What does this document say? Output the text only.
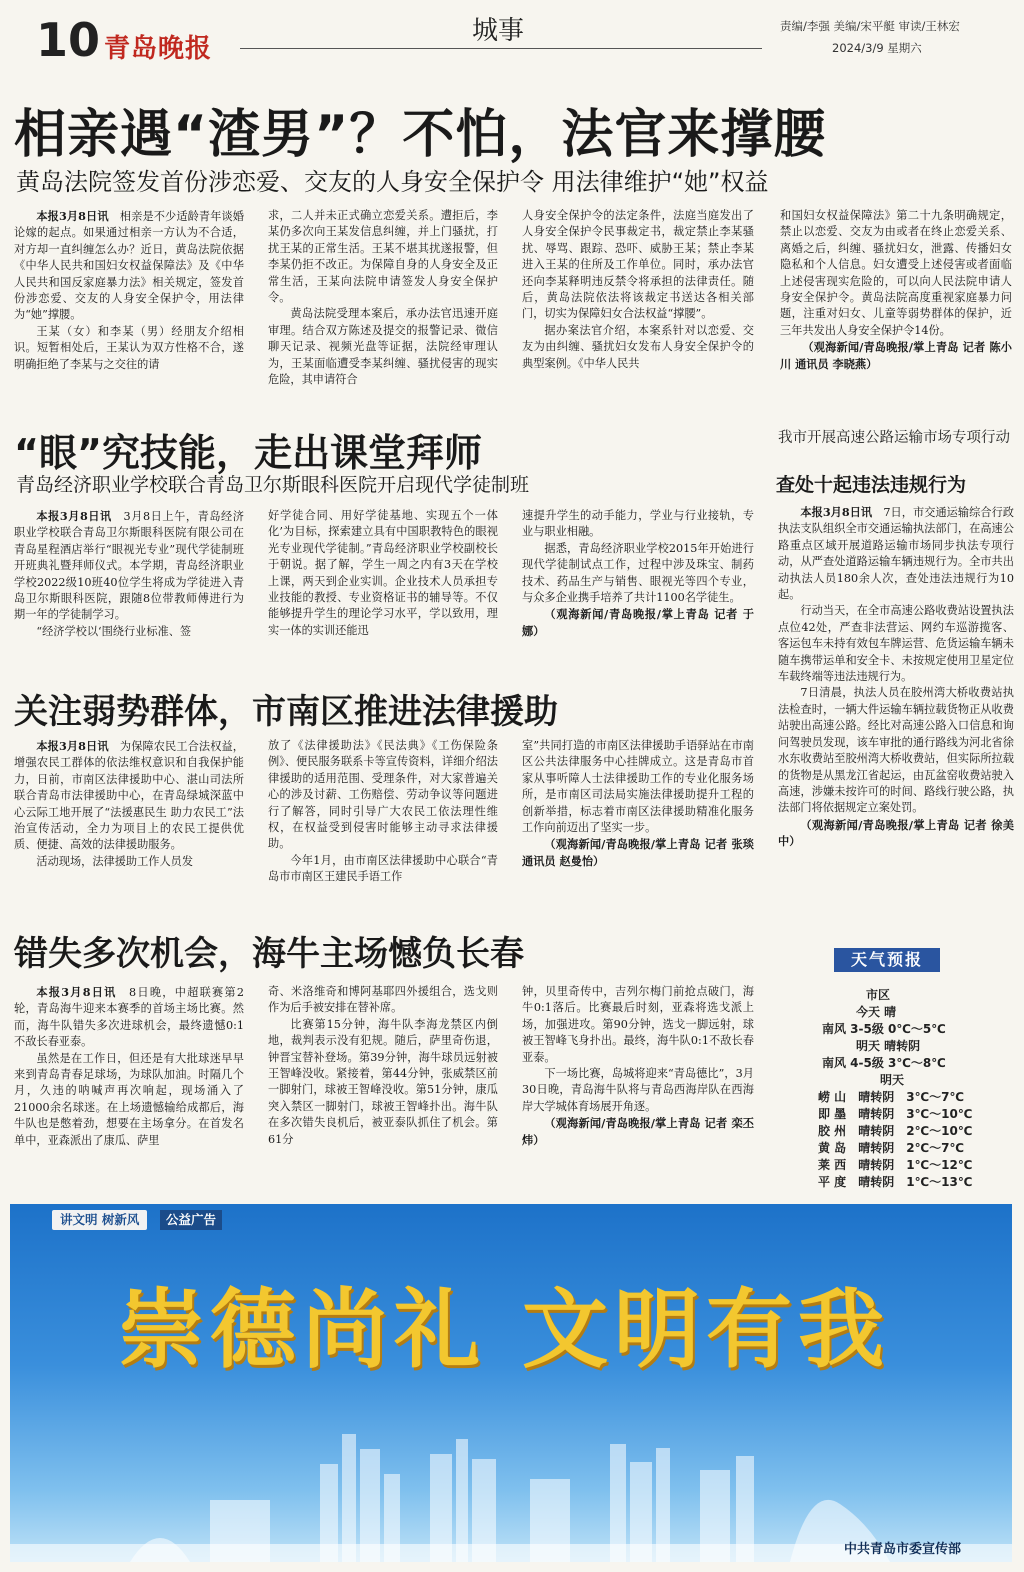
10 青岛晚报
城事	责编/李强 美编/宋平艇 审读/王林宏
2024/3/9 星期六
相亲遇“渣男”？不怕，法官来撑腰
黄岛法院签发首份涉恋爱、交友的人身安全保护令 用法律维护“她”权益

本报3月8日讯　 相亲是不少适龄青年谈婚论嫁的起点。如果通过相亲一方认为不合适，对方却一直纠缠怎么办？近日，黄岛法院依据《中华人民共和国妇女权益保障法》及《中华人民共和国反家庭暴力法》相关规定，签发首份涉恋爱、交友的人身安全保护令，用法律为“她”撑腰。

王某（女）和李某（男）经朋友介绍相识。短暂相处后，王某认为双方性格不合，遂明确拒绝了李某与之交往的请

求，二人并未正式确立恋爱关系。遭拒后，李某仍多次向王某发信息纠缠，并上门骚扰，打扰王某的正常生活。王某不堪其扰遂报警，但李某仍拒不改正。为保障自身的人身安全及正常生活，王某向法院申请签发人身安全保护令。

黄岛法院受理本案后，承办法官迅速开庭审理。结合双方陈述及提交的报警记录、微信聊天记录、视频光盘等证据，法院经审理认为，王某面临遭受李某纠缠、骚扰侵害的现实危险，其申请符合

人身安全保护令的法定条件，法庭当庭发出了人身安全保护令民事裁定书，裁定禁止李某骚扰、辱骂、跟踪、恐吓、威胁王某；禁止李某进入王某的住所及工作单位。同时，承办法官还向李某释明违反禁令将承担的法律责任。随后，黄岛法院依法将该裁定书送达各相关部门，切实为保障妇女合法权益“撑腰”。

据办案法官介绍，本案系针对以恋爱、交友为由纠缠、骚扰妇女发布人身安全保护令的典型案例。《中华人民共

和国妇女权益保障法》第二十九条明确规定，禁止以恋爱、交友为由或者在终止恋爱关系、离婚之后，纠缠、骚扰妇女，泄露、传播妇女隐私和个人信息。妇女遭受上述侵害或者面临上述侵害现实危险的，可以向人民法院申请人身安全保护令。黄岛法院高度重视家庭暴力问题，注重对妇女、儿童等弱势群体的保护，近三年共发出人身安全保护令14份。

（观海新闻/青岛晚报/掌上青岛 记者 陈小川 通讯员 李晓燕）

“眼”究技能，走出课堂拜师
青岛经济职业学校联合青岛卫尔斯眼科医院开启现代学徒制班

本报3月8日讯　 3月8日上午，青岛经济职业学校联合青岛卫尔斯眼科医院有限公司在青岛星程酒店举行“眼视光专业”现代学徒制班开班典礼暨拜师仪式。本学期，青岛经济职业学校2022级10班40位学生将成为学徒进入青岛卫尔斯眼科医院，跟随8位带教师傅进行为期一年的学徒制学习。

“经济学校以‘围绕行业标准、签

好学徒合同、用好学徒基地、实现五个一体化’为目标，探索建立具有中国职教特色的眼视光专业现代学徒制。”青岛经济职业学校副校长于朝说。据了解，学生一周之内有3天在学校上课，两天到企业实训。企业技术人员承担专业技能的教授、专业资格证书的辅导等。不仅能够提升学生的理论学习水平，学以致用，理实一体的实训还能迅

速提升学生的动手能力，学业与行业接轨，专业与职业相融。

据悉，青岛经济职业学校2015年开始进行现代学徒制试点工作，过程中涉及珠宝、制药技术、药品生产与销售、眼视光等四个专业，与众多企业携手培养了共计1100名学徒生。

（观海新闻/青岛晚报/掌上青岛 记者 于娜）

关注弱势群体，市南区推进法律援助

本报3月8日讯　 为保障农民工合法权益，增强农民工群体的依法维权意识和自我保护能力，日前，市南区法律援助中心、湛山司法所联合青岛市法律援助中心，在青岛绿城深蓝中心云际工地开展了“法援惠民生 助力农民工”法治宣传活动，全力为项目上的农民工提供优质、便捷、高效的法律援助服务。

活动现场，法律援助工作人员发

放了《法律援助法》《民法典》《工伤保险条例》、便民服务联系卡等宣传资料，详细介绍法律援助的适用范围、受理条件，对大家普遍关心的涉及讨薪、工伤赔偿、劳动争议等问题进行了解答，同时引导广大农民工依法理性维权，在权益受到侵害时能够主动寻求法律援助。

今年1月，由市南区法律援助中心联合“青岛市市南区王建民手语工作

室”共同打造的市南区法律援助手语驿站在市南区公共法律服务中心挂牌成立。这是青岛市首家从事听障人士法律援助工作的专业化服务场所，是市南区司法局实施法律援助提升工程的创新举措，标志着市南区法律援助精准化服务工作向前迈出了坚实一步。

（观海新闻/青岛晚报/掌上青岛 记者 张琰 通讯员 赵曼怡）

错失多次机会，海牛主场憾负长春

本报3月8日讯　 8日晚，中超联赛第2轮，青岛海牛迎来本赛季的首场主场比赛。然而，海牛队错失多次进球机会，最终遗憾0:1不敌长春亚泰。

虽然是在工作日，但还是有大批球迷早早来到青岛青春足球场，为球队加油。时隔几个月，久违的呐喊声再次响起，现场涌入了21000余名球迷。在上场遗憾输给成都后，海牛队也是憋着劲，想要在主场拿分。在首发名单中，亚森派出了康瓜、萨里

奇、米洛维奇和博阿基耶四外援组合，选戈则作为后手被安排在替补席。

比赛第15分钟，海牛队李海龙禁区内倒地，裁判表示没有犯规。随后，萨里奇伤退，钟晋宝替补登场。第39分钟，海牛球员远射被王智峰没收。紧接着，第44分钟，张威禁区前一脚射门，球被王智峰没收。第51分钟，康瓜突入禁区一脚射门，球被王智峰扑出。海牛队在多次错失良机后，被亚泰队抓住了机会。第61分

钟，贝里奇传中，吉列尔梅门前抢点破门，海牛0:1落后。比赛最后时刻，亚森将选戈派上场，加强进攻。第90分钟，选戈一脚远射，球被王智峰飞身扑出。最终，海牛队0:1不敌长春亚泰。

下一场比赛，岛城将迎来“青岛德比”，3月30日晚，青岛海牛队将与青岛西海岸队在西海岸大学城体育场展开角逐。

（观海新闻/青岛晚报/掌上青岛 记者 栾丕炜）

我市开展高速公路运输市场专项行动
查处十起违法违规行为

本报3月8日讯　 7日，市交通运输综合行政执法支队组织全市交通运输执法部门，在高速公路重点区域开展道路运输市场同步执法专项行动，从严查处道路运输车辆违规行为。全市共出动执法人员180余人次，查处违法违规行为10起。

行动当天，在全市高速公路收费站设置执法点位42处，严查非法营运、网约车巡游揽客、客运包车未持有效包车牌运营、危货运输车辆未随车携带运单和安全卡、未按规定使用卫星定位车载终端等违法违规行为。

7日清晨，执法人员在胶州湾大桥收费站执法检查时，一辆大件运输车辆拉载货物正从收费站驶出高速公路。经比对高速公路入口信息和询问驾驶员发现，该车审批的通行路线为河北省徐水东收费站至胶州湾大桥收费站，但实际所拉载的货物是从黑龙江省起运，由瓦盆窑收费站驶入高速，涉嫌未按许可的时间、路线行驶公路，执法部门将依据规定立案处罚。

（观海新闻/青岛晚报/掌上青岛 记者 徐美中）

天气预报
市区
今天 晴
南风 3-5级 0℃～5℃
明天 晴转阴
南风 4-5级 3℃～8℃
明天
崂 山　 晴转阴　 3℃～7℃
即 墨　 晴转阴　 3℃～10℃
胶 州　 晴转阴　 2℃～10℃
黄 岛　 晴转阴　 2℃～7℃
莱 西　 晴转阴　 1℃～12℃
平 度　 晴转阴　 1℃～13℃
讲文明 树新风	公益广告
崇德尚礼 文明有我
中共青岛市委宣传部
